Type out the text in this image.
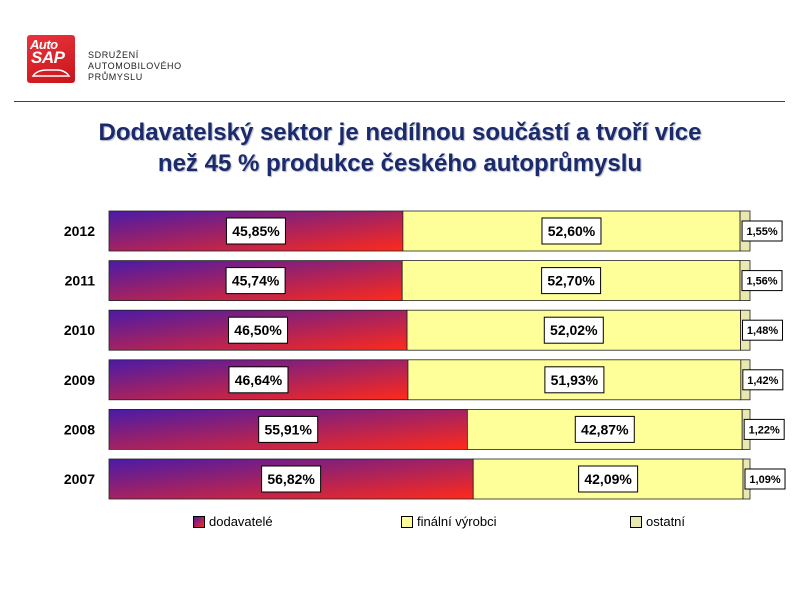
Auto
SAP	SDRUŽENÍ
AUTOMOBILOVÉHO
PRŮMYSLU
Dodavatelský sektor je nedílnou součástí a tvoří více
než 45 % produkce českého autoprůmyslu
2012	45,85%	52,60%	1,55%
2011	45,74%	52,70%	1,56%
2010	46,50%	52,02%	1,48%
2009	46,64%	51,93%	1,42%
2008	55,91%	42,87%	1,22%
2007	56,82%	42,09%	1,09%
dodavatelé	finální výrobci	ostatní
